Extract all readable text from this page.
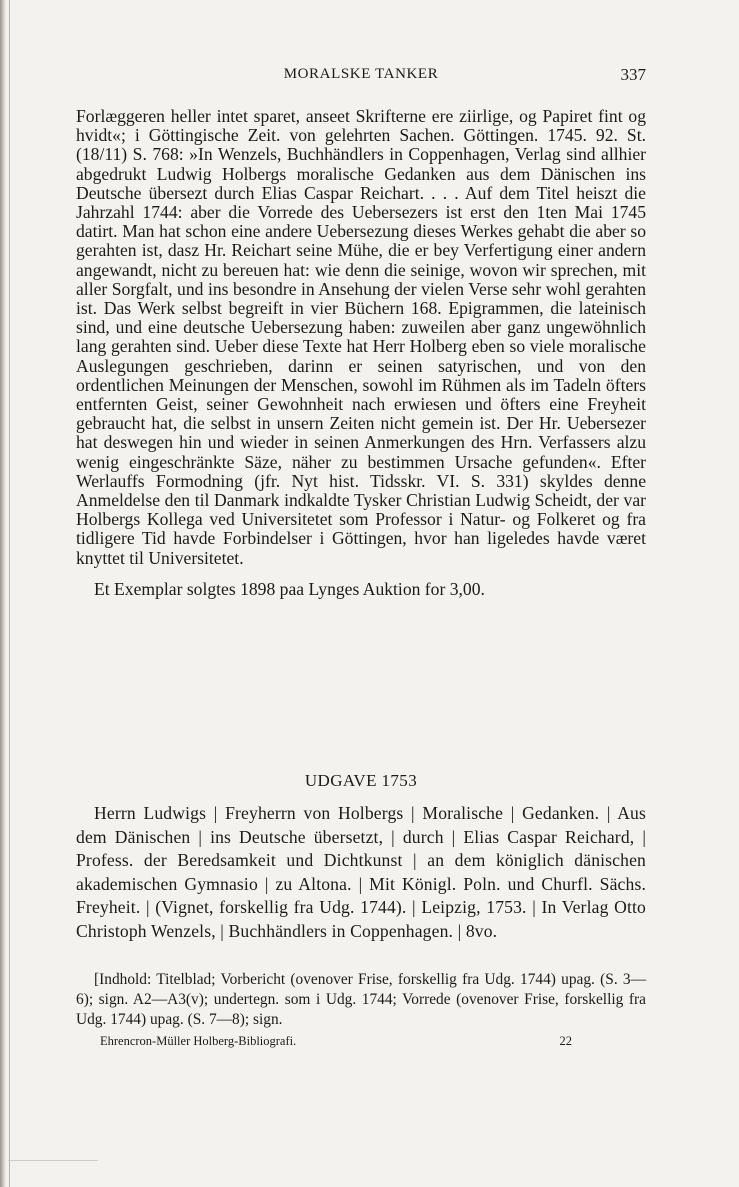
MORALSKE TANKER	337

Forlæggeren heller intet sparet, anseet Skrifterne ere ziirlige, og Papiret fint og hvidt«; i Göttingische Zeit. von gelehrten Sachen. Göttingen. 1745. 92. St. (18/11) S. 768: »In Wenzels, Buchhändlers in Coppenhagen, Verlag sind allhier abgedrukt Ludwig Holbergs moralische Gedanken aus dem Dänischen ins Deutsche übersezt durch Elias Caspar Reichart. . . . Auf dem Titel heiszt die Jahrzahl 1744: aber die Vorrede des Uebersezers ist erst den 1ten Mai 1745 datirt. Man hat schon eine andere Uebersezung dieses Werkes gehabt die aber so gerahten ist, dasz Hr. Reichart seine Mühe, die er bey Verfertigung einer andern angewandt, nicht zu bereuen hat: wie denn die seinige, wovon wir sprechen, mit aller Sorgfalt, und ins besondre in Ansehung der vielen Verse sehr wohl gerahten ist. Das Werk selbst begreift in vier Büchern 168. Epigrammen, die lateinisch sind, und eine deutsche Uebersezung haben: zuweilen aber ganz ungewöhnlich lang gerahten sind. Ueber diese Texte hat Herr Holberg eben so viele moralische Auslegungen geschrieben, darinn er seinen satyrischen, und von den ordentlichen Meinungen der Menschen, sowohl im Rühmen als im Tadeln öfters entfernten Geist, seiner Gewohnheit nach erwiesen und öfters eine Freyheit gebraucht hat, die selbst in unsern Zeiten nicht gemein ist. Der Hr. Uebersezer hat deswegen hin und wieder in seinen Anmerkungen des Hrn. Verfassers alzu wenig eingeschränkte Säze, näher zu bestimmen Ursache gefunden«. Efter Werlauffs Formodning (jfr. Nyt hist. Tidsskr. VI. S. 331) skyldes denne Anmeldelse den til Danmark indkaldte Tysker Christian Ludwig Scheidt, der var Holbergs Kollega ved Universitetet som Professor i Natur- og Folkeret og fra tidligere Tid havde Forbindelser i Göttingen, hvor han ligeledes havde været knyttet til Universitetet.

Et Exemplar solgtes 1898 paa Lynges Auktion for 3,00.

UDGAVE 1753
Herrn Ludwigs | Freyherrn von Holbergs | Moralische | Gedanken. | Aus dem Dänischen | ins Deutsche übersetzt, | durch | Elias Caspar Reichard, | Profess. der Beredsamkeit und Dichtkunst | an dem königlich dänischen akademischen Gymnasio | zu Altona. | Mit Königl. Poln. und Churfl. Sächs. Freyheit. | (Vignet, forskellig fra Udg. 1744). | Leipzig, 1753. | In Verlag Otto Christoph Wenzels, | Buchhändlers in Coppenhagen. | 8vo.
[Indhold: Titelblad; Vorbericht (ovenover Frise, forskellig fra Udg. 1744) upag. (S. 3—6); sign. A2—A3(v); undertegn. som i Udg. 1744; Vorrede (ovenover Frise, forskellig fra Udg. 1744) upag. (S. 7—8); sign.
Ehrencron-Müller Holberg-Bibliografi.	22
